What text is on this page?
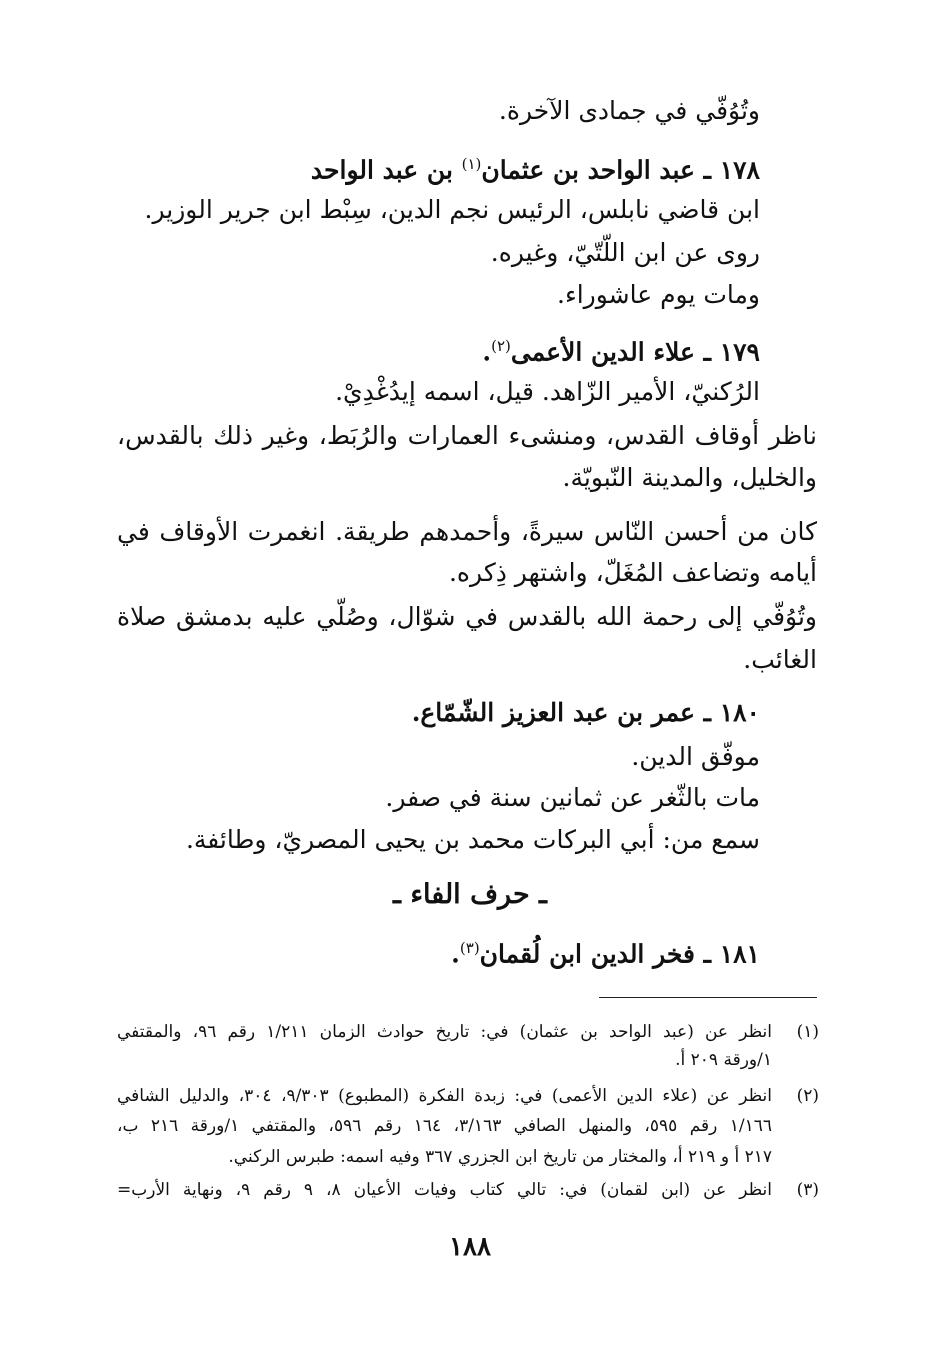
وتُوُفّي في جمادى الآخرة.
١٧٨ ـ عبد الواحد بن عثمان$^{(١)}$ بن عبد الواحد
ابن قاضي نابلس، الرئيس نجم الدين، سِبْط ابن جرير الوزير.
روى عن ابن اللّتّيّ، وغيره.
ومات يوم عاشوراء.
١٧٩ ـ علاء الدين الأعمى$^{(٢)}$.
الرُكنيّ، الأمير الزّاهد. قيل، اسمه إيدُغْدِيْ.
ناظر أوقاف القدس، ومنشىء العمارات والرُبَط، وغير ذلك بالقدس،
والخليل، والمدينة النّبويّة.
كان من أحسن النّاس سيرةً، وأحمدهم طريقة. انغمرت الأوقاف في
أيامه وتضاعف المُغَلّ، واشتهر ذِكره.
وتُوُفّي إلى رحمة الله بالقدس في شوّال، وصُلّي عليه بدمشق صلاة
الغائب.
١٨٠ ـ عمر بن عبد العزيز الشّمّاع.
موفّق الدين.
مات بالثّغر عن ثمانين سنة في صفر.
سمع من: أبي البركات محمد بن يحيى المصريّ، وطائفة.
ـ حرف الفاء ـ
١٨١ ـ فخر الدين ابن لُقمان$^{(٣)}$.
(١)
انظر عن (عبد الواحد بن عثمان) في: تاريخ حوادث الزمان ١/٢١١ رقم ٩٦، والمقتفي
١/ورقة ٢٠٩ أ.
(٢)
انظر عن (علاء الدين الأعمى) في: زبدة الفكرة (المطبوع) ٩/٣٠٣، ٣٠٤، والدليل الشافي
١/١٦٦ رقم ٥٩٥، والمنهل الصافي ٣/١٦٣، ١٦٤ رقم ٥٩٦، والمقتفي ١/ورقة ٢١٦ ب،
٢١٧ أ و ٢١٩ أ، والمختار من تاريخ ابن الجزري ٣٦٧ وفيه اسمه: طبرس الركني.
(٣)
انظر عن (ابن لقمان) في: تالي كتاب وفيات الأعيان ٨، ٩ رقم ٩، ونهاية الأرب=
١٨٨
